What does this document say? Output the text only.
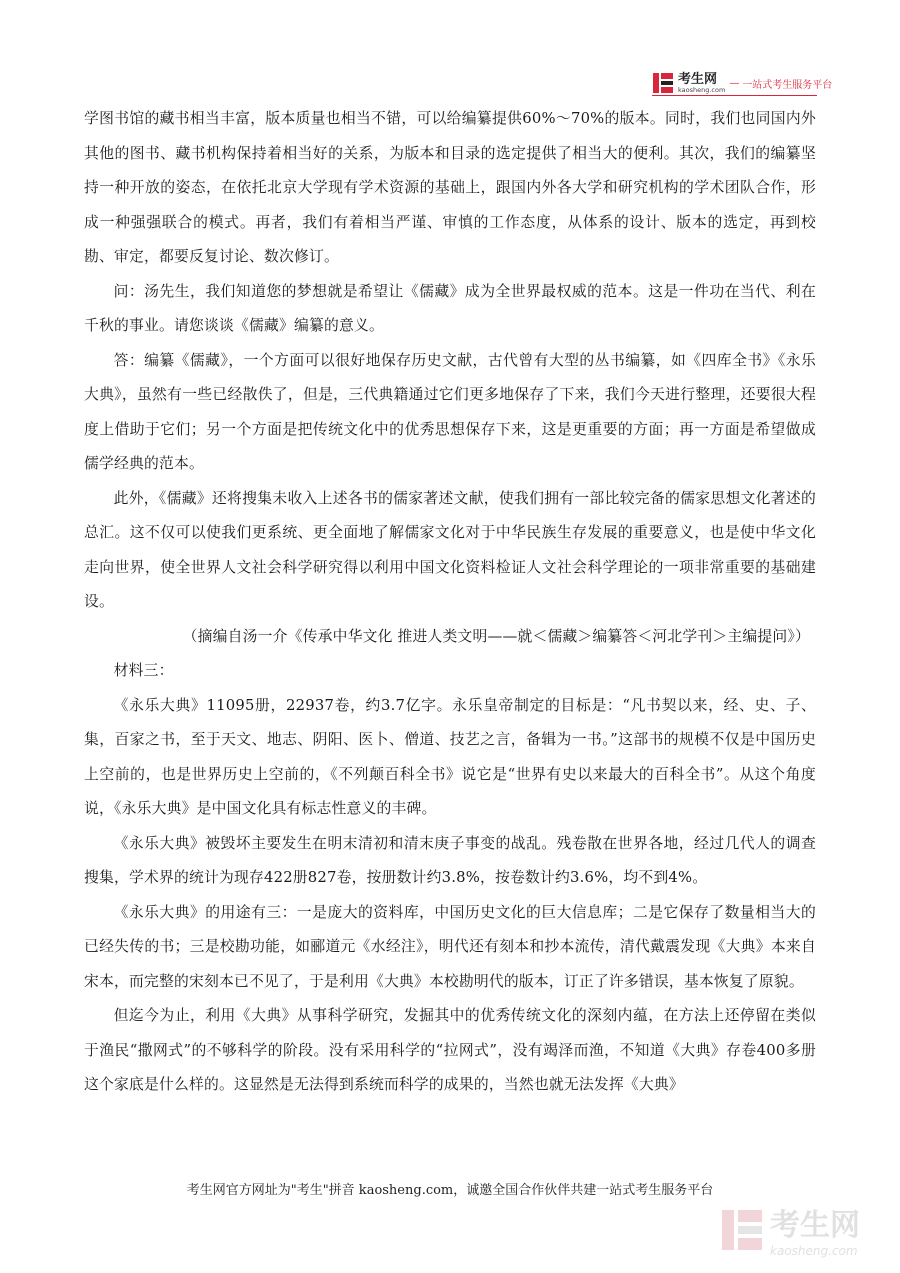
考生网
kaosheng.com
— 一站式考生服务平台

学图书馆的藏书相当丰富，版本质量也相当不错，可以给编纂提供60%～70%的版本。同时，我们也同国内外其他的图书、藏书机构保持着相当好的关系，为版本和目录的选定提供了相当大的便利。其次，我们的编纂坚持一种开放的姿态，在依托北京大学现有学术资源的基础上，跟国内外各大学和研究机构的学术团队合作，形成一种强强联合的模式。再者，我们有着相当严谨、审慎的工作态度，从体系的设计、版本的选定，再到校勘、审定，都要反复讨论、数次修订。

问：汤先生，我们知道您的梦想就是希望让《儒藏》成为全世界最权威的范本。这是一件功在当代、利在千秋的事业。请您谈谈《儒藏》编纂的意义。

答：编纂《儒藏》，一个方面可以很好地保存历史文献，古代曾有大型的丛书编纂，如《四库全书》《永乐大典》，虽然有一些已经散佚了，但是，三代典籍通过它们更多地保存了下来，我们今天进行整理，还要很大程度上借助于它们；另一个方面是把传统文化中的优秀思想保存下来，这是更重要的方面；再一方面是希望做成儒学经典的范本。

此外，《儒藏》还将搜集未收入上述各书的儒家著述文献，使我们拥有一部比较完备的儒家思想文化著述的总汇。这不仅可以使我们更系统、更全面地了解儒家文化对于中华民族生存发展的重要意义，也是使中华文化走向世界，使全世界人文社会科学研究得以利用中国文化资料检证人文社会科学理论的一项非常重要的基础建设。

（摘编自汤一介《传承中华文化 推进人类文明——就＜儒藏＞编纂答＜河北学刊＞主编提问》）

材料三：

《永乐大典》11095册，22937卷，约3.7亿字。永乐皇帝制定的目标是：“凡书契以来，经、史、子、集，百家之书，至于天文、地志、阴阳、医卜、僧道、技艺之言，备辑为一书。”这部书的规模不仅是中国历史上空前的，也是世界历史上空前的，《不列颠百科全书》说它是“世界有史以来最大的百科全书”。从这个角度说，《永乐大典》是中国文化具有标志性意义的丰碑。

《永乐大典》被毁坏主要发生在明末清初和清末庚子事变的战乱。残卷散在世界各地，经过几代人的调查搜集，学术界的统计为现存422册827卷，按册数计约3.8%，按卷数计约3.6%，均不到4%。

《永乐大典》的用途有三：一是庞大的资料库，中国历史文化的巨大信息库；二是它保存了数量相当大的已经失传的书；三是校勘功能，如郦道元《水经注》，明代还有刻本和抄本流传，清代戴震发现《大典》本来自宋本，而完整的宋刻本已不见了，于是利用《大典》本校勘明代的版本，订正了许多错误，基本恢复了原貌。

但迄今为止，利用《大典》从事科学研究，发掘其中的优秀传统文化的深刻内蕴，在方法上还停留在类似于渔民“撒网式”的不够科学的阶段。没有采用科学的“拉网式”，没有竭泽而渔，不知道《大典》存卷400多册这个家底是什么样的。这显然是无法得到系统而科学的成果的，当然也就无法发挥《大典》

考生网官方网址为"考生"拼音 kaosheng.com，诚邀全国合作伙伴共建一站式考生服务平台
考生网
kaosheng.com
